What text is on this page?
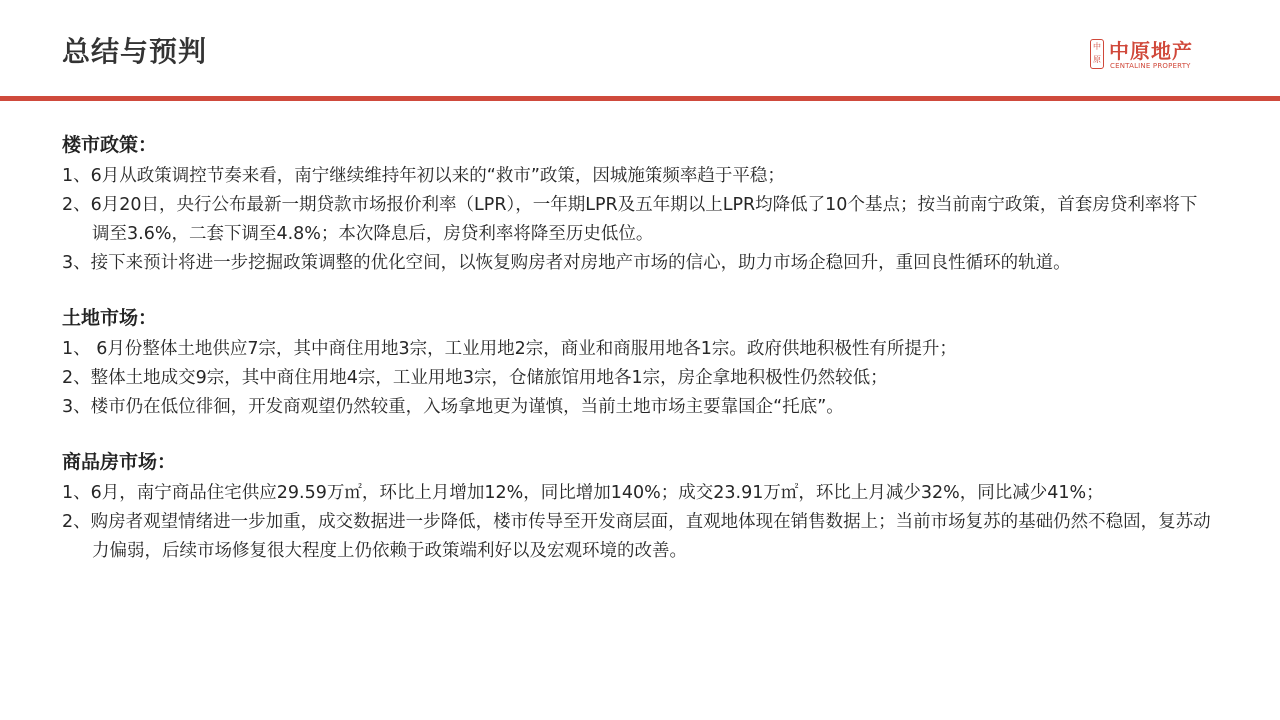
总结与预判	中原 中原地产
CENTALINE PROPERTY
楼市政策：
1、6月从政策调控节奏来看，南宁继续维持年初以来的“救市”政策，因城施策频率趋于平稳；
2、6月20日，央行公布最新一期贷款市场报价利率（LPR），一年期LPR及五年期以上LPR均降低了10个基点；按当前南宁政策，首套房贷利率将下调至3.6%，二套下调至4.8%；本次降息后，房贷利率将降至历史低位。
3、接下来预计将进一步挖掘政策调整的优化空间，以恢复购房者对房地产市场的信心，助力市场企稳回升，重回良性循环的轨道。
土地市场：
1、 6月份整体土地供应7宗，其中商住用地3宗，工业用地2宗，商业和商服用地各1宗。政府供地积极性有所提升；
2、整体土地成交9宗，其中商住用地4宗，工业用地3宗，仓储旅馆用地各1宗，房企拿地积极性仍然较低；
3、楼市仍在低位徘徊，开发商观望仍然较重，入场拿地更为谨慎，当前土地市场主要靠国企“托底”。
商品房市场：
1、6月，南宁商品住宅供应29.59万㎡，环比上月增加12%，同比增加140%；成交23.91万㎡，环比上月减少32%，同比减少41%；
2、购房者观望情绪进一步加重，成交数据进一步降低，楼市传导至开发商层面，直观地体现在销售数据上；当前市场复苏的基础仍然不稳固，复苏动力偏弱，后续市场修复很大程度上仍依赖于政策端利好以及宏观环境的改善。
